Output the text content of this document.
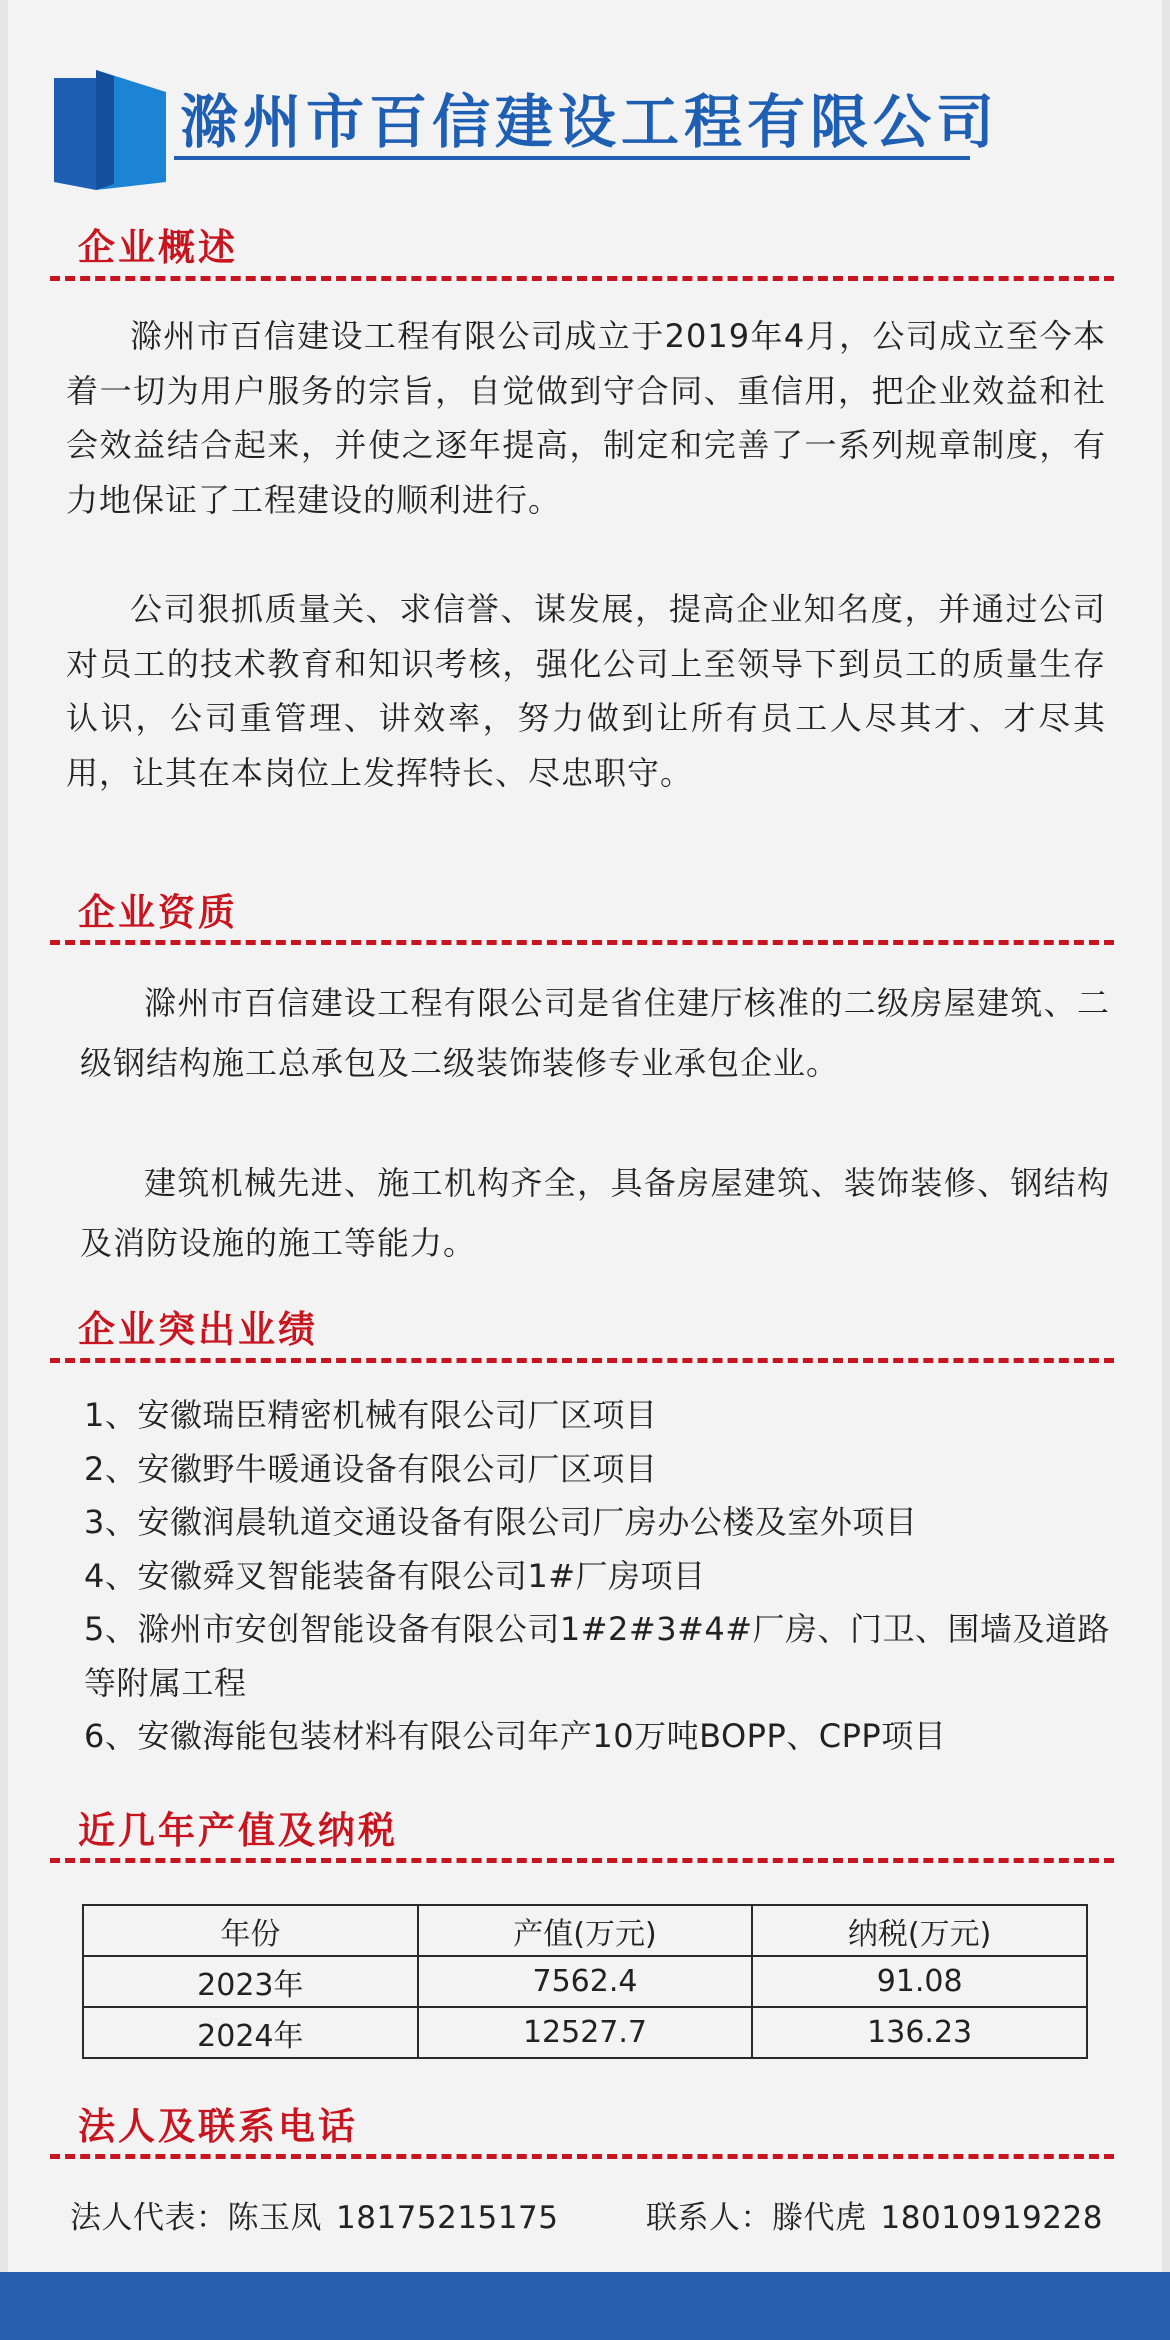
滁州市百信建设工程有限公司
企业概述

滁州市百信建设工程有限公司成立于2019年4月，公司成立至今本着一切为用户服务的宗旨，自觉做到守合同、重信用，把企业效益和社会效益结合起来，并使之逐年提高，制定和完善了一系列规章制度，有力地保证了工程建设的顺利进行。

公司狠抓质量关、求信誉、谋发展，提高企业知名度，并通过公司对员工的技术教育和知识考核，强化公司上至领导下到员工的质量生存认识，公司重管理、讲效率，努力做到让所有员工人尽其才、才尽其用，让其在本岗位上发挥特长、尽忠职守。

企业资质

滁州市百信建设工程有限公司是省住建厅核准的二级房屋建筑、二级钢结构施工总承包及二级装饰装修专业承包企业。

建筑机械先进、施工机构齐全，具备房屋建筑、装饰装修、钢结构及消防设施的施工等能力。

企业突出业绩
1、安徽瑞臣精密机械有限公司厂区项目
2、安徽野牛暖通设备有限公司厂区项目
3、安徽润晨轨道交通设备有限公司厂房办公楼及室外项目
4、安徽舜叉智能装备有限公司1#厂房项目
5、滁州市安创智能设备有限公司1#2#3#4#厂房、门卫、围墙及道路等附属工程
6、安徽海能包装材料有限公司年产10万吨BOPP、CPP项目
近几年产值及纳税
年份	产值(万元)	纳税(万元)
2023年	7562.4	91.08
2024年	12527.7	136.23
法人及联系电话
法人代表：陈玉凤 18175215175	联系人：滕代虎 18010919228
